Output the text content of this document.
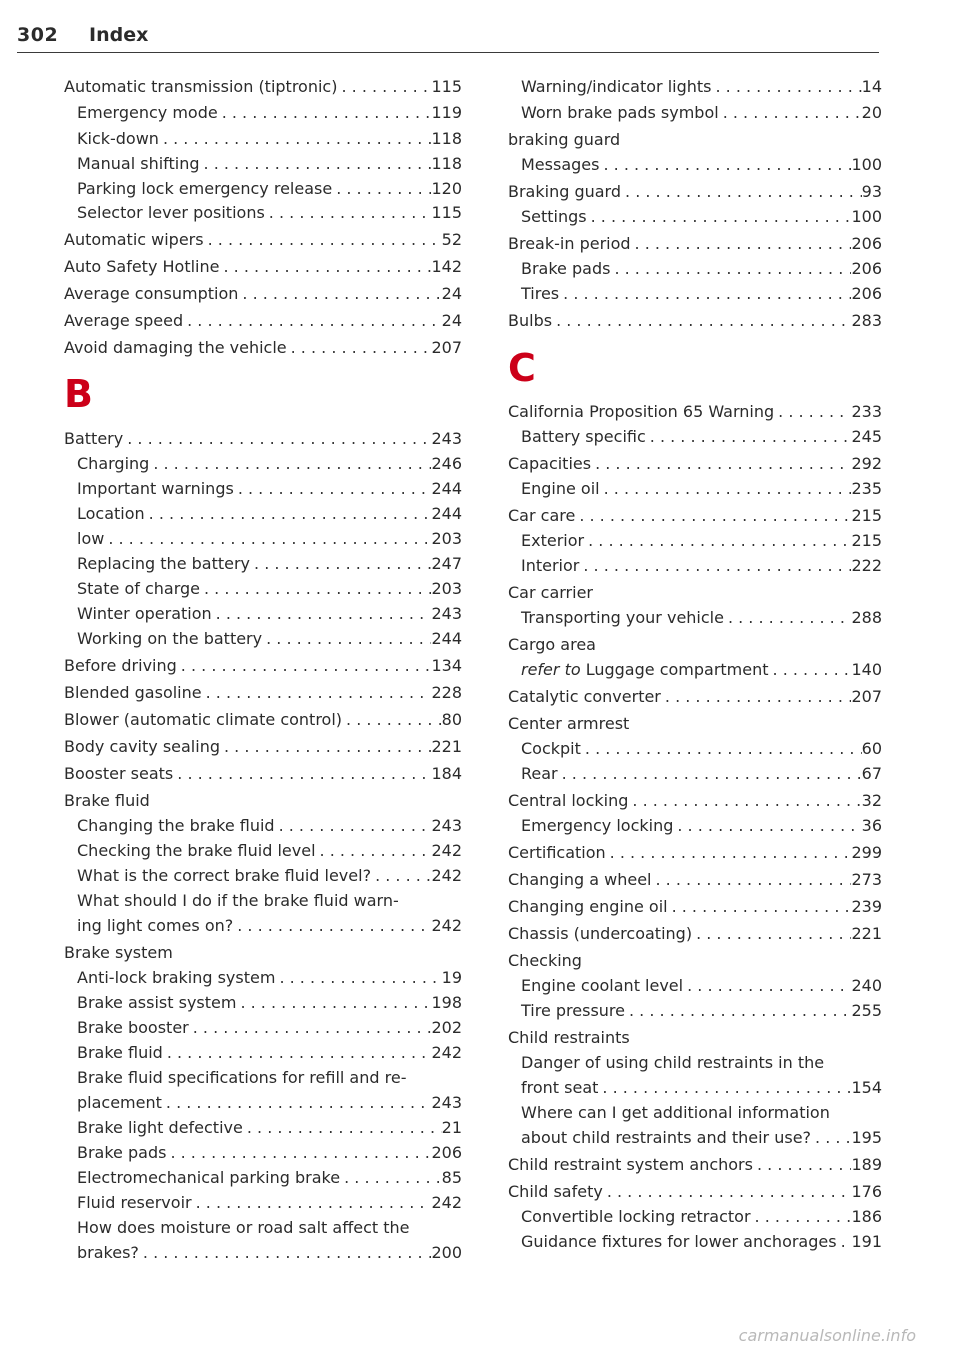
302 Index
Automatic transmission (tiptronic) . . .	115
Emergency mode . . .	119
Kick-down . . .	118
Manual shifting . . .	118
Parking lock emergency release . . .	120
Selector lever positions . . .	115
Automatic wipers . . .	52
Auto Safety Hotline . . .	142
Average consumption . . .	24
Average speed . . .	24
Avoid damaging the vehicle . . .	207
B
Battery . . .	243
Charging . . .	246
Important warnings . . .	244
Location . . .	244
low . . .	203
Replacing the battery . . .	247
State of charge . . .	203
Winter operation . . .	243
Working on the battery . . .	244
Before driving . . .	134
Blended gasoline . . .	228
Blower (automatic climate control) . . .	80
Body cavity sealing . . .	221
Booster seats . . .	184
Brake fluid
Changing the brake fluid . . .	243
Checking the brake fluid level . . .	242
What is the correct brake fluid level? . . .	242
What should I do if the brake fluid warn-
ing light comes on? . . .	242
Brake system
Anti-lock braking system . . .	19
Brake assist system . . .	198
Brake booster . . .	202
Brake fluid . . .	242
Brake fluid specifications for refill and re-
placement . . .	243
Brake light defective . . .	21
Brake pads . . .	206
Electromechanical parking brake . . .	85
Fluid reservoir . . .	242
How does moisture or road salt affect the
brakes? . . .	200
Warning/indicator lights . . .	14
Worn brake pads symbol . . .	20
braking guard
Messages . . .	100
Braking guard . . .	93
Settings . . .	100
Break-in period . . .	206
Brake pads . . .	206
Tires . . .	206
Bulbs . . .	283
C
California Proposition 65 Warning . . .	233
Battery specific . . .	245
Capacities . . .	292
Engine oil . . .	235
Car care . . .	215
Exterior . . .	215
Interior . . .	222
Car carrier
Transporting your vehicle . . .	288
Cargo area
refer to Luggage compartment . . .	140
Catalytic converter . . .	207
Center armrest
Cockpit . . .	60
Rear . . .	67
Central locking . . .	32
Emergency locking . . .	36
Certification . . .	299
Changing a wheel . . .	273
Changing engine oil . . .	239
Chassis (undercoating) . . .	221
Checking
Engine coolant level . . .	240
Tire pressure . . .	255
Child restraints
Danger of using child restraints in the
front seat . . .	154
Where can I get additional information
about child restraints and their use? . . .	195
Child restraint system anchors . . .	189
Child safety . . .	176
Convertible locking retractor . . .	186
Guidance fixtures for lower anchorages . . . 191
carmanualsonline.info
